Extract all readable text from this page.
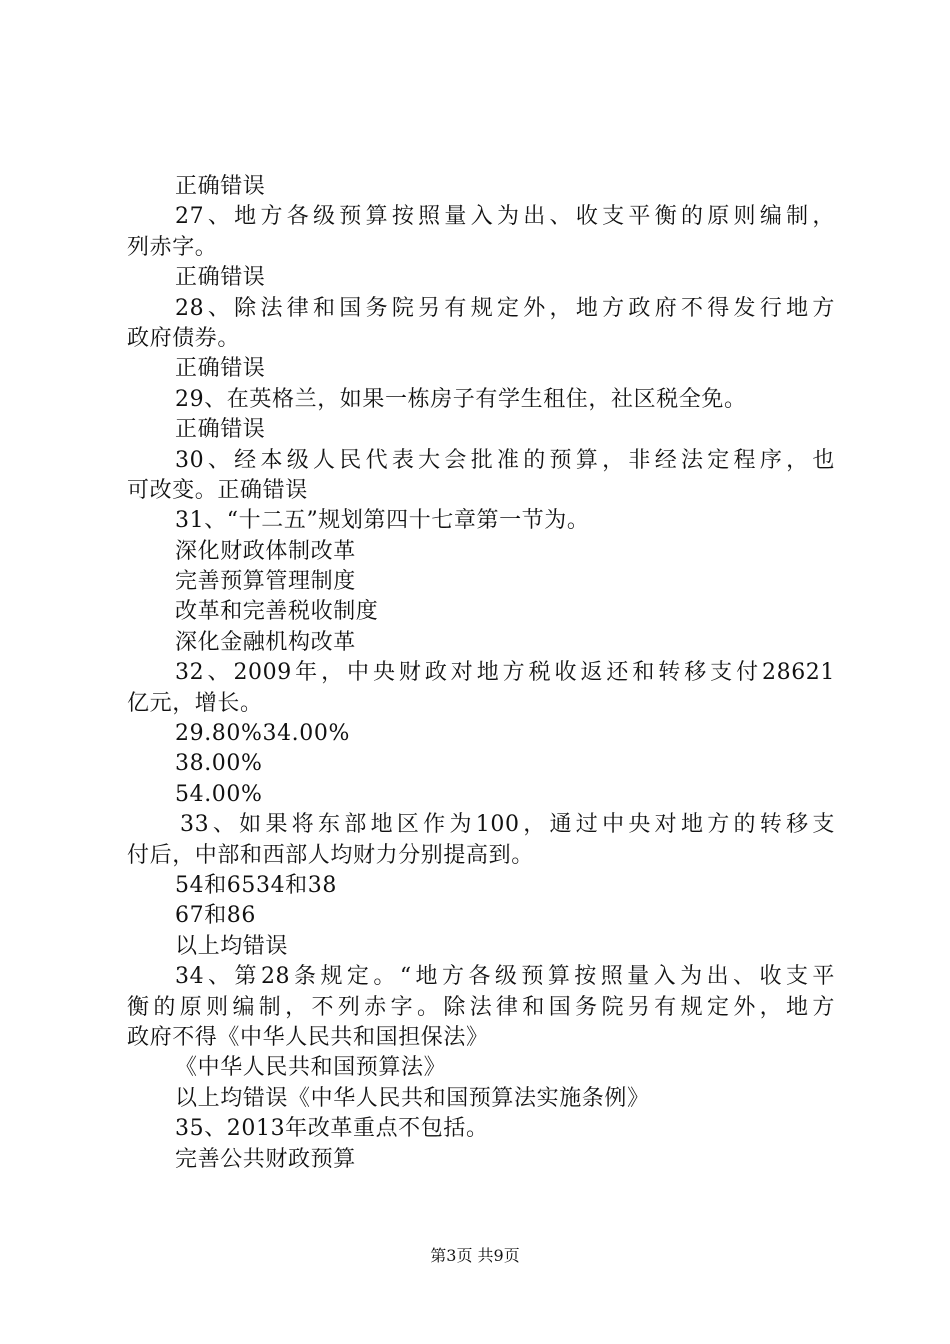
正确错误
27、地方各级预算按照量入为出、收支平衡的原则编制，
列赤字。
正确错误
28、除法律和国务院另有规定外，地方政府不得发行地方
政府债券。
正确错误
29、在英格兰，如果一栋房子有学生租住，社区税全免。
正确错误
30、经本级人民代表大会批准的预算，非经法定程序，也
可改变。正确错误
31、“十二五”规划第四十七章第一节为。
深化财政体制改革
完善预算管理制度
改革和完善税收制度
深化金融机构改革
32、2009年，中央财政对地方税收返还和转移支付28621
亿元，增长。
29.80%34.00%
38.00%
54.00%
33、如果将东部地区作为100，通过中央对地方的转移支
付后，中部和西部人均财力分别提高到。
54和6534和38
67和86
以上均错误
34、第28条规定。“地方各级预算按照量入为出、收支平
衡的原则编制，不列赤字。除法律和国务院另有规定外，地方
政府不得《中华人民共和国担保法》
《中华人民共和国预算法》
以上均错误《中华人民共和国预算法实施条例》
35、2013年改革重点不包括。
完善公共财政预算
第3页 共9页
